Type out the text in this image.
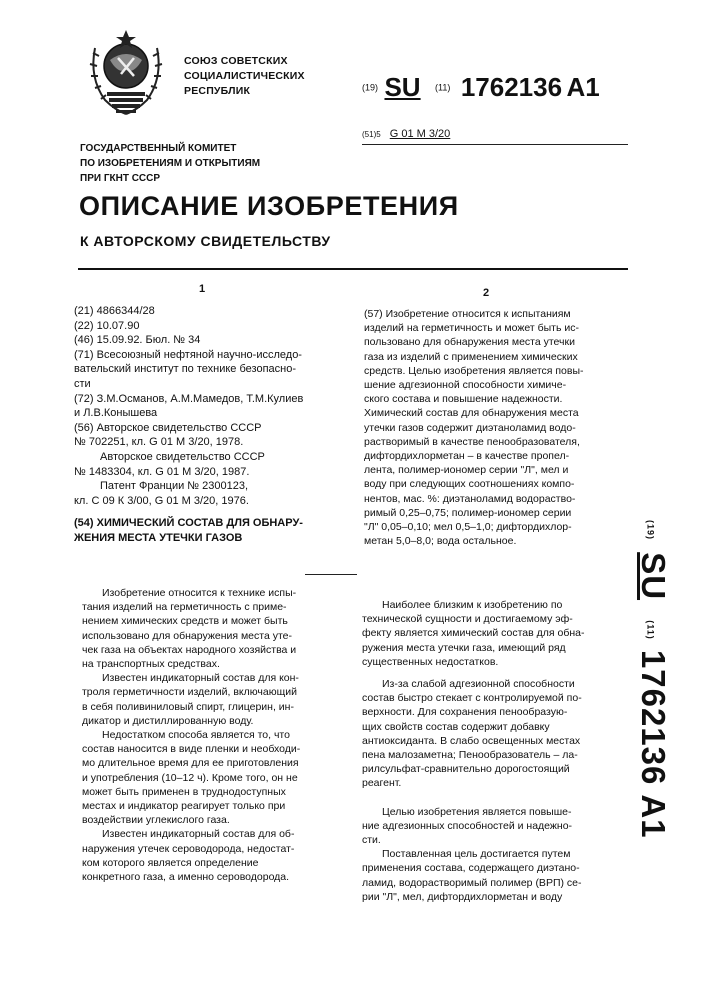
СОЮЗ СОВЕТСКИХ
СОЦИАЛИСТИЧЕСКИХ
РЕСПУБЛИК	(19) SU (11) 1762136 A1
(51)5 G 01 M 3/20
ГОСУДАРСТВЕННЫЙ КОМИТЕТ
ПО ИЗОБРЕТЕНИЯМ И ОТКРЫТИЯМ
ПРИ ГКНТ СССР
ОПИСАНИЕ ИЗОБРЕТЕНИЯ
К АВТОРСКОМУ СВИДЕТЕЛЬСТВУ
1	2
(21) 4866344/28
(22) 10.07.90
(46) 15.09.92. Бюл. № 34
(71) Всесоюзный нефтяной научно-исследо-
вательский институт по технике безопасно-
сти
(72) З.М.Османов, А.М.Мамедов, Т.М.Кулиев
и Л.В.Конышева
(56) Авторское свидетельство СССР
№ 702251, кл. G 01 M 3/20, 1978.
Авторское свидетельство СССР
№ 1483304, кл. G 01 M 3/20, 1987.
Патент Франции № 2300123,
кл. С 09 К 3/00, G 01 M 3/20, 1976.
(54) ХИМИЧЕСКИЙ СОСТАВ ДЛЯ ОБНАРУ-
ЖЕНИЯ МЕСТА УТЕЧКИ ГАЗОВ
(57) Изобретение относится к испытаниям
изделий на герметичность и может быть ис-
пользовано для обнаружения места утечки
газа из изделий с применением химических
средств. Целью изобретения является повы-
шение адгезионной способности химиче-
ского состава и повышение надежности.
Химический состав для обнаружения места
утечки газов содержит диэтаноламид водо-
растворимый в качестве пенообразователя,
дифтордихлорметан – в качестве пропел-
лента, полимер-иономер серии "Л", мел и
воду при следующих соотношениях компо-
нентов, мас. %: диэтаноламид водораство-
римый 0,25–0,75; полимер-иономер серии
"Л" 0,05–0,10; мел 0,5–1,0; дифтордихлор-
метан 5,0–8,0; вода остальное.
Изобретение относится к технике испы-
тания изделий на герметичность с приме-
нением химических средств и может быть
использовано для обнаружения места уте-
чек газа на объектах народного хозяйства и
на транспортных средствах.
Известен индикаторный состав для кон-
троля герметичности изделий, включающий
в себя поливиниловый спирт, глицерин, ин-
дикатор и дистиллированную воду.
Недостатком способа является то, что
состав наносится в виде пленки и необходи-
мо длительное время для ее приготовления
и употребления (10–12 ч). Кроме того, он не
может быть применен в труднодоступных
местах и индикатор реагирует только при
воздействии углекислого газа.
Известен индикаторный состав для об-
наружения утечек сероводорода, недостат-
ком которого является определение
конкретного газа, а именно сероводорода.
Наиболее близким к изобретению по
технической сущности и достигаемому эф-
фекту является химический состав для обна-
ружения места утечки газа, имеющий ряд
существенных недостатков.
Из-за слабой адгезионной способности
состав быстро стекает с контролируемой по-
верхности. Для сохранения пенообразую-
щих свойств состав содержит добавку
антиоксиданта. В слабо освещенных местах
пена малозаметна; Пенообразователь – ла-
рилсульфат-сравнительно дорогостоящий
реагент.
Целью изобретения является повыше-
ние адгезионных способностей и надежно-
сти.
Поставленная цель достигается путем
применения состава, содержащего диэтано-
ламид, водорастворимый полимер (ВРП) се-
рии "Л", мел, дифтордихлорметан и воду
(19) SU (11) 1762136 A1
